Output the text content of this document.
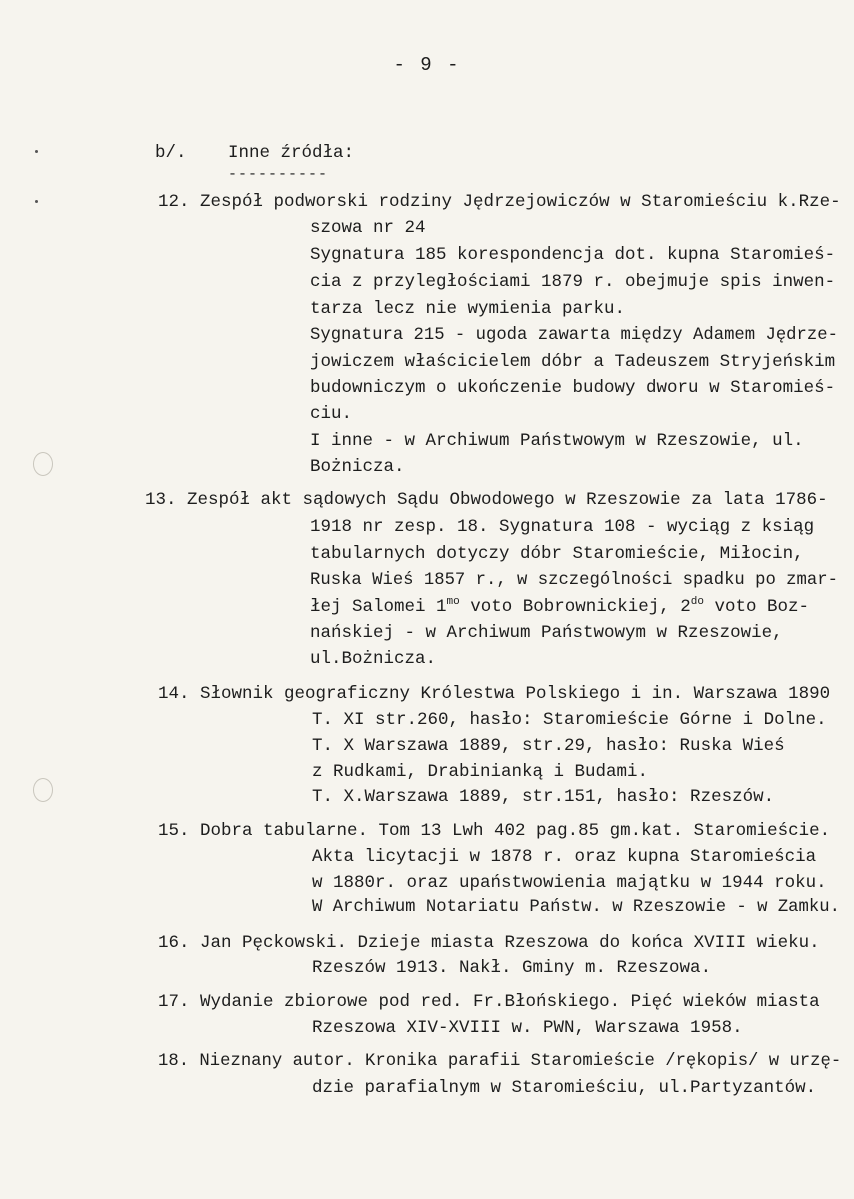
- 9 -
b/. Inne źródła:
----------
12. Zespół podworski rodziny Jędrzejowiczów w Staromieściu k.Rze-
szowa nr 24
Sygnatura 185 korespondencja dot. kupna Staromieś-
cia z przyległościami 1879 r. obejmuje spis inwen-
tarza lecz nie wymienia parku.
Sygnatura 215 - ugoda zawarta między Adamem Jędrze-
jowiczem właścicielem dóbr a Tadeuszem Stryjeńskim
budowniczym o ukończenie budowy dworu w Staromieś-
ciu.
I inne - w Archiwum Państwowym w Rzeszowie, ul.
Bożnicza.
13. Zespół akt sądowych Sądu Obwodowego w Rzeszowie za lata 1786-
1918 nr zesp. 18. Sygnatura 108 - wyciąg z ksiąg
tabularnych dotyczy dóbr Staromieście, Miłocin,
Ruska Wieś 1857 r., w szczególności spadku po zmar-
łej Salomei $1^{mo}$ voto Bobrownickiej, $2^{do}$ voto Boz-
nańskiej - w Archiwum Państwowym w Rzeszowie,
ul.Bożnicza.
14. Słownik geograficzny Królestwa Polskiego i in. Warszawa 1890
T. XI str.260, hasło: Staromieście Górne i Dolne.
T. X Warszawa 1889, str.29, hasło: Ruska Wieś
z Rudkami, Drabinianką i Budami.
T. X.Warszawa 1889, str.151, hasło: Rzeszów.
15. Dobra tabularne. Tom 13 Lwh 402 pag.85 gm.kat. Staromieście.
Akta licytacji w 1878 r. oraz kupna Staromieścia
w 1880r. oraz upaństwowienia majątku w 1944 roku.
W Archiwum Notariatu Państw. w Rzeszowie - w Zamku.
16. Jan Pęckowski. Dzieje miasta Rzeszowa do końca XVIII wieku.
Rzeszów 1913. Nakł. Gminy m. Rzeszowa.
17. Wydanie zbiorowe pod red. Fr.Błońskiego. Pięć wieków miasta
Rzeszowa XIV-XVIII w. PWN, Warszawa 1958.
18. Nieznany autor. Kronika parafii Staromieście /rękopis/ w urzę-
dzie parafialnym w Staromieściu, ul.Partyzantów.
